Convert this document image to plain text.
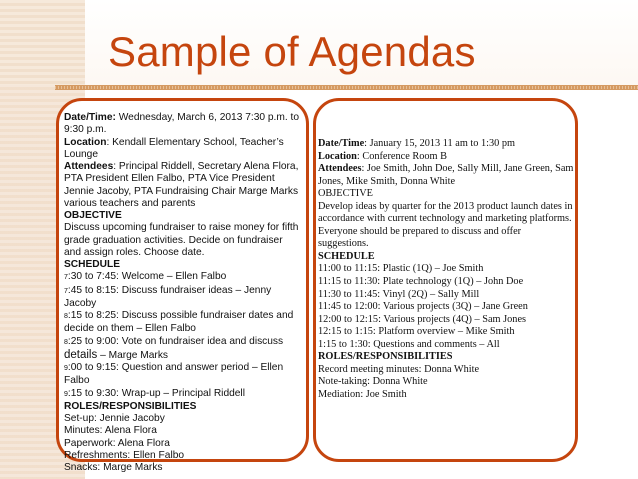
Sample of Agendas
Date/Time: Wednesday, March 6, 2013 7:30 p.m. to 9:30 p.m.
Location: Kendall Elementary School, Teacher’s Lounge
Attendees: Principal Riddell, Secretary Alena Flora, PTA President Ellen Falbo, PTA Vice President Jennie Jacoby, PTA Fundraising Chair Marge Marks various teachers and parents
OBJECTIVE
Discuss upcoming fundraiser to raise money for fifth grade graduation activities. Decide on fundraiser and assign roles. Choose date.
SCHEDULE
7:30 to 7:45: Welcome – Ellen Falbo
7:45 to 8:15: Discuss fundraiser ideas – Jenny Jacoby
8:15 to 8:25: Discuss possible fundraiser dates and decide on them – Ellen Falbo
8:25 to 9:00: Vote on fundraiser idea and discuss
details – Marge Marks
9:00 to 9:15: Question and answer period – Ellen Falbo
9:15 to 9:30: Wrap-up – Principal Riddell
ROLES/RESPONSIBILITIES
Set-up: Jennie Jacoby
Minutes: Alena Flora
Paperwork: Alena Flora
Refreshments: Ellen Falbo
Snacks: Marge Marks
Date/Time: January 15, 2013 11 am to 1:30 pm
Location: Conference Room B
Attendees: Joe Smith, John Doe, Sally Mill, Jane Green, Sam Jones, Mike Smith, Donna White
OBJECTIVE
Develop ideas by quarter for the 2013 product launch dates in accordance with current technology and marketing platforms. Everyone should be prepared to discuss and offer suggestions.
SCHEDULE
11:00 to 11:15: Plastic (1Q) – Joe Smith
11:15 to 11:30: Plate technology (1Q) – John Doe
11:30 to 11:45: Vinyl (2Q) – Sally Mill
11:45 to 12:00: Various projects (3Q) – Jane Green
12:00 to 12:15: Various projects (4Q) – Sam Jones
12:15 to 1:15: Platform overview – Mike Smith
1:15 to 1:30: Questions and comments – All
ROLES/RESPONSIBILITIES
Record meeting minutes: Donna White
Note-taking: Donna White
Mediation: Joe Smith
